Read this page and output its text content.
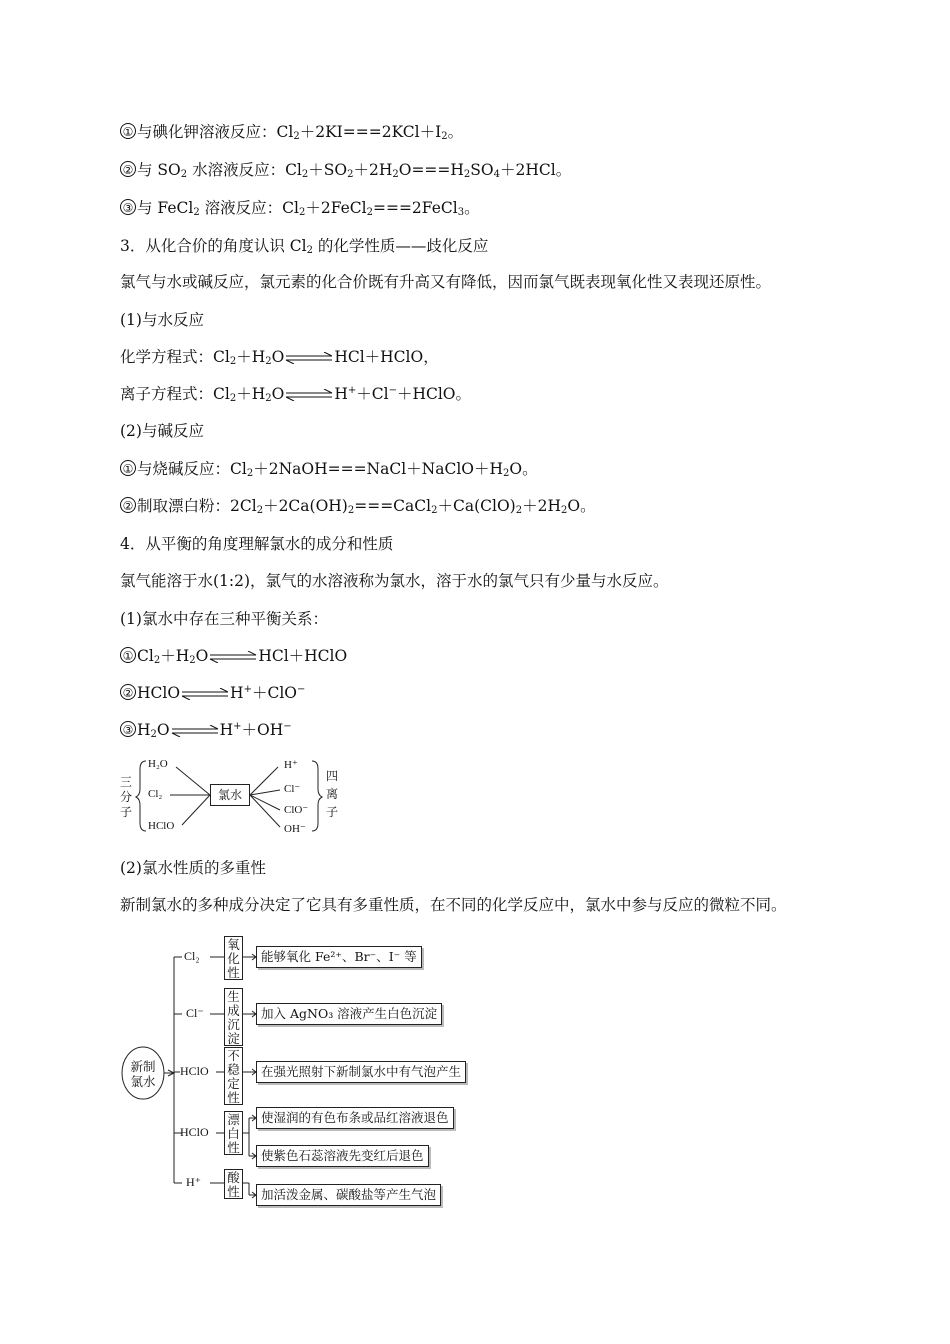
① 与碘化钾溶液反应：$Cl_2+2KI===2KCl+I_2$。
② 与 $SO_2$ 水溶液反应：$Cl_2+SO_2+2H_2O===H_2SO_4+2HCl$。
③ 与 FeCl$_2$ 溶液反应：$Cl_2+2FeCl_2===2FeCl_3$。
3．从化合价的角度认识 $Cl_2$ 的化学性质——歧化反应
氯气与水或碱反应，氯元素的化合价既有升高又有降低，因而氯气既表现氧化性又表现还原性。
(1)与水反应
化学方程式：$Cl_2+H_2O\rightleftharpoons HCl+HClO$，
离子方程式：$Cl_2+H_2O\rightleftharpoons H^++Cl^-+HClO$。
(2)与碱反应
① 与烧碱反应：$Cl_2+2NaOH===NaCl+NaClO+H_2O$。
② 制取漂白粉：$2Cl_2+2Ca(OH)_2===CaCl_2+Ca(ClO)_2+2H_2O$。
4．从平衡的角度理解氯水的成分和性质
氯气能溶于水(1:2)，氯气的水溶液称为氯水，溶于水的氯气只有少量与水反应。
(1)氯水中存在三种平衡关系：
① $Cl_2+H_2O\rightleftharpoons HCl+HClO$
② HClO⇌H+＋ClO−
③ $H_2O\rightleftharpoons H^++OH^-$
三分子
H₂O
Cl₂
HClO
氯水
H⁺
Cl⁻
ClO⁻
OH⁻
四离子
(2)氯水性质的多重性
新制氯水的多种成分决定了它具有多重性质，在不同的化学反应中，氯水中参与反应的微粒不同。
新制
氯水
Cl₂
氧化性
能够氧化 Fe²⁺、Br⁻、I⁻ 等
Cl⁻
生成沉淀
加入 AgNO₃ 溶液产生白色沉淀
HClO
不稳定性
在强光照射下新制氯水中有气泡产生
HClO
漂白性
使湿润的有色布条或品红溶液退色
使紫色石蕊溶液先变红后退色
H⁺ 酸性	加活泼金属、碳酸盐等产生气泡
